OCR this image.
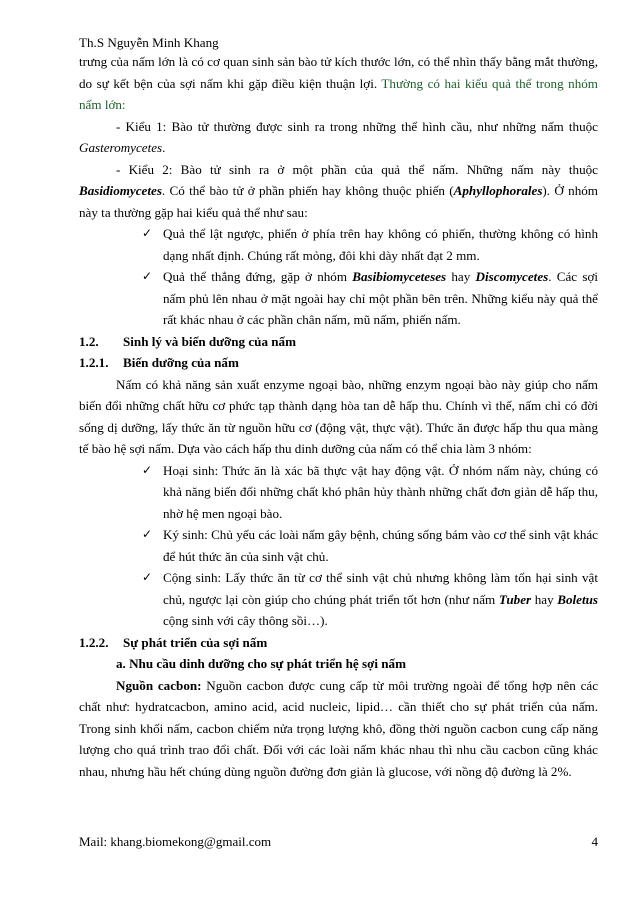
Th.S Nguyễn Minh Khang

trưng của nấm lớn là có cơ quan sinh sản bào tử kích thước lớn, có thể nhìn thấy bằng mắt thường, do sự kết bện của sợi nấm khi gặp điều kiện thuận lợi. Thường có hai kiểu quả thể trong nhóm nấm lớn:

- Kiểu 1: Bào tử thường được sinh ra trong những thể hình cầu, như những nấm thuộc Gasteromycetes.

- Kiểu 2: Bào tử sinh ra ở một phần của quả thể nấm. Những nấm này thuộc Basidiomycetes. Có thể bào tử ở phần phiến hay không thuộc phiến (Aphyllophorales). Ở nhóm này ta thường gặp hai kiểu quả thể như sau:

✓ Quả thể lật ngược, phiến ở phía trên hay không có phiến, thường không có hình dạng nhất định. Chúng rất mỏng, đôi khi dày nhất đạt 2 mm.
✓ Quả thể thẳng đứng, gặp ở nhóm Basibiomyceteses hay Discomycetes. Các sợi nấm phủ lên nhau ở mặt ngoài hay chỉ một phần bên trên. Những kiểu này quả thể rất khác nhau ở các phần chân nấm, mũ nấm, phiến nấm.
1.2.	Sinh lý và biến dưỡng của nấm
1.2.1.	Biến dưỡng của nấm

Nấm có khả năng sản xuất enzyme ngoại bào, những enzym ngoại bào này giúp cho nấm biến đổi những chất hữu cơ phức tạp thành dạng hòa tan dễ hấp thu. Chính vì thế, nấm chỉ có đời sống dị dưỡng, lấy thức ăn từ nguồn hữu cơ (động vật, thực vật). Thức ăn được hấp thu qua màng tế bào hệ sợi nấm. Dựa vào cách hấp thu dinh dưỡng của nấm có thể chia làm 3 nhóm:

✓ Hoại sinh: Thức ăn là xác bã thực vật hay động vật. Ở nhóm nấm này, chúng có khả năng biến đổi những chất khó phân hủy thành những chất đơn giản dễ hấp thu, nhờ hệ men ngoại bào.
✓ Ký sinh: Chủ yếu các loài nấm gây bệnh, chúng sống bám vào cơ thể sinh vật khác để hút thức ăn của sinh vật chủ.
✓ Cộng sinh: Lấy thức ăn từ cơ thể sinh vật chủ nhưng không làm tổn hại sinh vật chủ, ngược lại còn giúp cho chúng phát triển tốt hơn (như nấm Tuber hay Boletus cộng sinh với cây thông sồi…).
1.2.2.	Sự phát triển của sợi nấm
a. Nhu cầu dinh dưỡng cho sự phát triển hệ sợi nấm

Nguồn cacbon: Nguồn cacbon được cung cấp từ môi trường ngoài để tổng hợp nên các chất như: hydratcacbon, amino acid, acid nucleic, lipid… cần thiết cho sự phát triển của nấm. Trong sinh khối nấm, cacbon chiếm nửa trọng lượng khô, đồng thời nguồn cacbon cung cấp năng lượng cho quá trình trao đổi chất. Đối với các loài nấm khác nhau thì nhu cầu cacbon cũng khác nhau, nhưng hầu hết chúng dùng nguồn đường đơn giản là glucose, với nồng độ đường là 2%.

Mail: khang.biomekong@gmail.com	4
